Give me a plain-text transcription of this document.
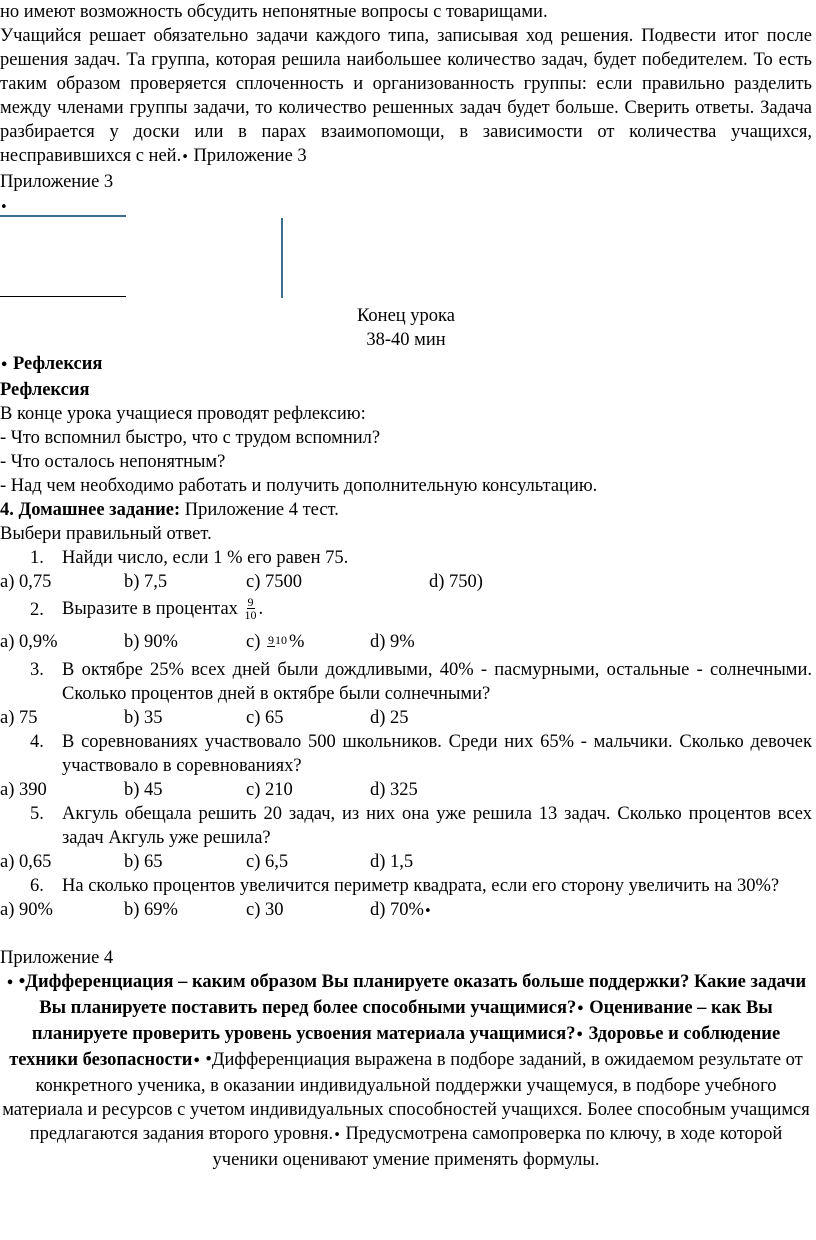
но имеют возможность обсудить непонятные вопросы с товарищами.
Учащийся решает обязательно задачи каждого типа, записывая ход решения. Подвести итог после решения задач. Та группа, которая решила наибольшее количество задач, будет победителем. То есть таким образом проверяется сплоченность и организованность группы: если правильно разделить между членами группы задачи, то количество решенных задач будет больше. Сверить ответы. Задача разбирается у доски или в парах взаимопомощи, в зависимости от количества учащихся, несправившихся с ней.• Приложение 3
Приложение 3
•
Конец урока
38-40 мин
• Рефлексия
Рефлексия
В конце урока учащиеся проводят рефлексию:
- Что вспомнил быстро, что с трудом вспомнил?
- Что осталось непонятным?
- Над чем необходимо работать и получить дополнительную консультацию.
4. Домашнее задание: Приложение 4 тест.
Выбери правильный ответ.
1. Найди число, если 1 % его равен 75.
a) 0,75	b) 7,5	c) 7500	d) 750)
2. Выразите в процентах $\frac{9}{10}$ .
a) 0,9%	b) 90%	c) 910 %	d) 9%
3. В октябре 25% всех дней были дождливыми, 40% - пасмурными, остальные - солнечными. Сколько процентов дней в октябре были солнечными?
a) 75	b) 35	c) 65	d) 25
4. В соревнованиях участвовало 500 школьников. Среди них 65% - мальчики. Сколько девочек участвовало в соревнованиях?
a) 390	b) 45	c) 210	d) 325
5. Акгуль обещала решить 20 задач, из них она уже решила 13 задач. Сколько процентов всех задач Акгуль уже решила?
a) 0,65	b) 65	c) 6,5	d) 1,5
6. На сколько процентов увеличится периметр квадрата, если его сторону увеличить на 30%?
a) 90%	b) 69%	c) 30	d) 70%•
Приложение 4
• •Дифференциация – каким образом Вы планируете оказать больше поддержки? Какие задачи Вы планируете поставить перед более способными учащимися?• Оценивание – как Вы планируете проверить уровень усвоения материала учащимися?• Здоровье и соблюдение техники безопасности• •Дифференциация выражена в подборе заданий, в ожидаемом результате от конкретного ученика, в оказании индивидуальной поддержки учащемуся, в подборе учебного материала и ресурсов с учетом индивидуальных способностей учащихся. Более способным учащимся предлагаются задания второго уровня.• Предусмотрена самопроверка по ключу, в ходе которой ученики оценивают умение применять формулы.
